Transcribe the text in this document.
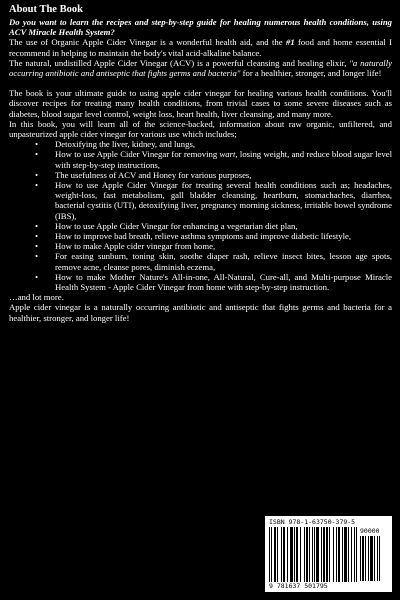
About The Book

Do you want to learn the recipes and step-by-step guide for healing numerous health conditions, using ACV Miracle Health System?

The use of Organic Apple Cider Vinegar is a wonderful health aid, and the #1 food and home essential I recommend in helping to maintain the body's vital acid-alkaline balance.

The natural, undistilled Apple Cider Vinegar (ACV) is a powerful cleansing and healing elixir, "a naturally occurring antibiotic and antiseptic that fights germs and bacteria" for a healthier, stronger, and longer life!

The book is your ultimate guide to using apple cider vinegar for healing various health conditions. You'll discover recipes for treating many health conditions, from trivial cases to some severe diseases such as diabetes, blood sugar level control, weight loss, heart health, liver cleansing, and many more.

In this book, you will learn all of the science-backed, information about raw organic, unfiltered, and unpasteurized apple cider vinegar for various use which includes;

• Detoxifying the liver, kidney, and lungs,
• How to use Apple Cider Vinegar for removing wart, losing weight, and reduce blood sugar level with step-by-step instructions,
• The usefulness of ACV and Honey for various purposes,
• How to use Apple Cider Vinegar for treating several health conditions such as; headaches, weight-loss, fast metabolism, gall bladder cleansing, heartburn, stomachaches, diarrhea, bacterial cystitis (UTI), detoxifying liver, pregnancy morning sickness, irritable bowel syndrome (IBS),
• How to use Apple Cider Vinegar for enhancing a vegetarian diet plan,
• How to improve bad breath, relieve asthma symptoms and improve diabetic lifestyle,
• How to make Apple cider vinegar from home,
• For easing sunburn, toning skin, soothe diaper rash, relieve insect bites, lesson age spots, remove acne, cleanse pores, diminish eczema,
• How to make Mother Nature's All-in-one, All-Natural, Cure-all, and Multi-purpose Miracle Health System - Apple Cider Vinegar from home with step-by-step instruction.

…and lot more.

Apple cider vinegar is a naturally occurring antibiotic and antiseptic that fights germs and bacteria for a healthier, stronger, and longer life!

ISBN 978-1-63750-379-5
90000
9 781637 501795
